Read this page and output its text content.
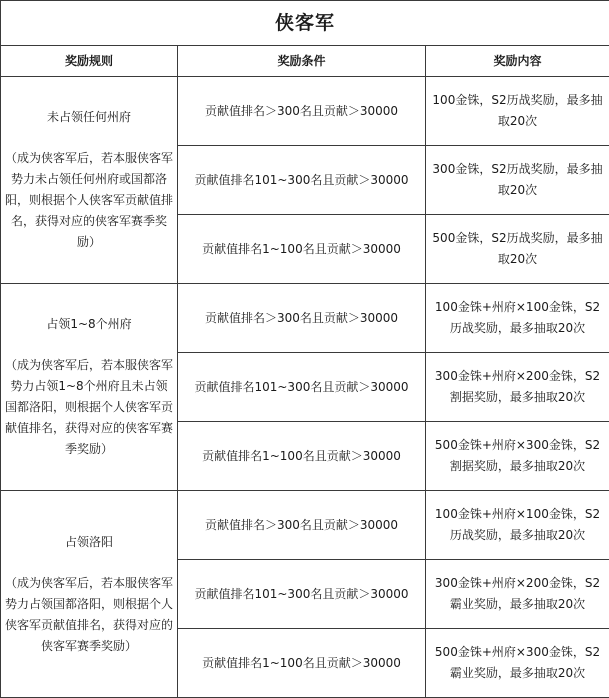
侠客军		
奖励规则	奖励条件	奖励内容

未占领任何州府
（成为侠客军后，若本服侠客军势力未占领任何州府或国都洛阳，则根据个人侠客军贡献值排名，获得对应的侠客军赛季奖励）	贡献值排名＞300名且贡献＞30000	100金铢，S2历战奖励，最多抽取20次
	贡献值排名101~300名且贡献＞30000	300金铢，S2历战奖励，最多抽取20次
	贡献值排名1~100名且贡献＞30000	500金铢，S2历战奖励，最多抽取20次

占领1~8个州府
（成为侠客军后，若本服侠客军势力占领1~8个州府且未占领国都洛阳，则根据个人侠客军贡献值排名，获得对应的侠客军赛季奖励）	贡献值排名＞300名且贡献＞30000	100金铢+州府×100金铢，S2历战奖励，最多抽取20次
	贡献值排名101~300名且贡献＞30000	300金铢+州府×200金铢，S2割据奖励，最多抽取20次
	贡献值排名1~100名且贡献＞30000	500金铢+州府×300金铢，S2割据奖励，最多抽取20次

占领洛阳
（成为侠客军后，若本服侠客军势力占领国都洛阳，则根据个人侠客军贡献值排名，获得对应的侠客军赛季奖励）	贡献值排名＞300名且贡献＞30000	100金铢+州府×100金铢，S2历战奖励，最多抽取20次
	贡献值排名101~300名且贡献＞30000	300金铢+州府×200金铢，S2霸业奖励，最多抽取20次
	贡献值排名1~100名且贡献＞30000	500金铢+州府×300金铢，S2霸业奖励，最多抽取20次
